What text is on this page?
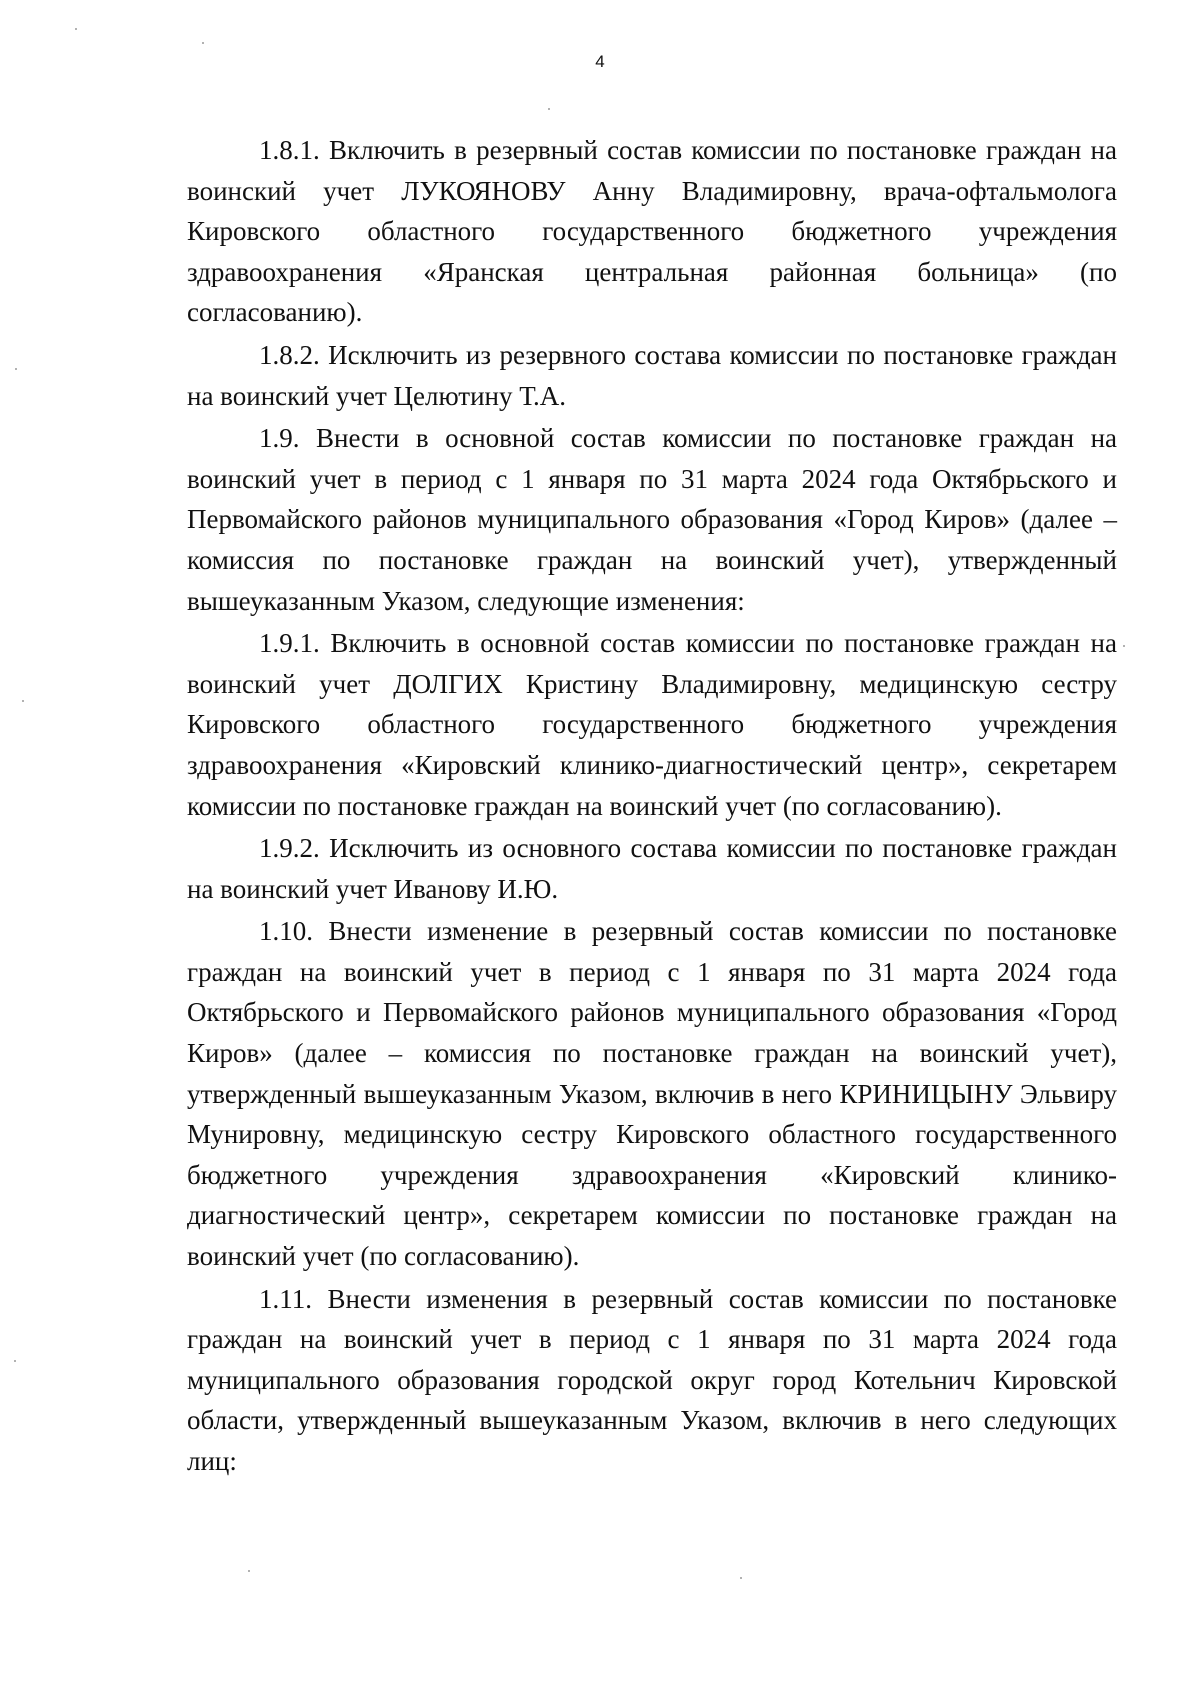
4

1.8.1. Включить в резервный состав комиссии по постановке граждан на воинский учет ЛУКОЯНОВУ Анну Владимировну, врача-офтальмолога Кировского областного государственного бюджетного учреждения здравоохранения «Яранская центральная районная больница» (по согласованию).

1.8.2. Исключить из резервного состава комиссии по постановке граждан на воинский учет Целютину Т.А.

1.9. Внести в основной состав комиссии по постановке граждан на воинский учет в период с 1 января по 31 марта 2024 года Октябрьского и Первомайского районов муниципального образования «Город Киров» (далее – комиссия по постановке граждан на воинский учет), утвержденный вышеуказанным Указом, следующие изменения:

1.9.1. Включить в основной состав комиссии по постановке граждан на воинский учет ДОЛГИХ Кристину Владимировну, медицинскую сестру Кировского областного государственного бюджетного учреждения здравоохранения «Кировский клинико-диагностический центр», секретарем комиссии по постановке граждан на воинский учет (по согласованию).

1.9.2. Исключить из основного состава комиссии по постановке граждан на воинский учет Иванову И.Ю.

1.10. Внести изменение в резервный состав комиссии по постановке граждан на воинский учет в период с 1 января по 31 марта 2024 года Октябрьского и Первомайского районов муниципального образования «Город Киров» (далее – комиссия по постановке граждан на воинский учет), утвержденный вышеуказанным Указом, включив в него КРИНИЦЫНУ Эльвиру Мунировну, медицинскую сестру Кировского областного государственного бюджетного учреждения здравоохранения «Кировский клинико-диагностический центр», секретарем комиссии по постановке граждан на воинский учет (по согласованию).

1.11. Внести изменения в резервный состав комиссии по постановке граждан на воинский учет в период с 1 января по 31 марта 2024 года муниципального образования городской округ город Котельнич Кировской области, утвержденный вышеуказанным Указом, включив в него следующих лиц:
